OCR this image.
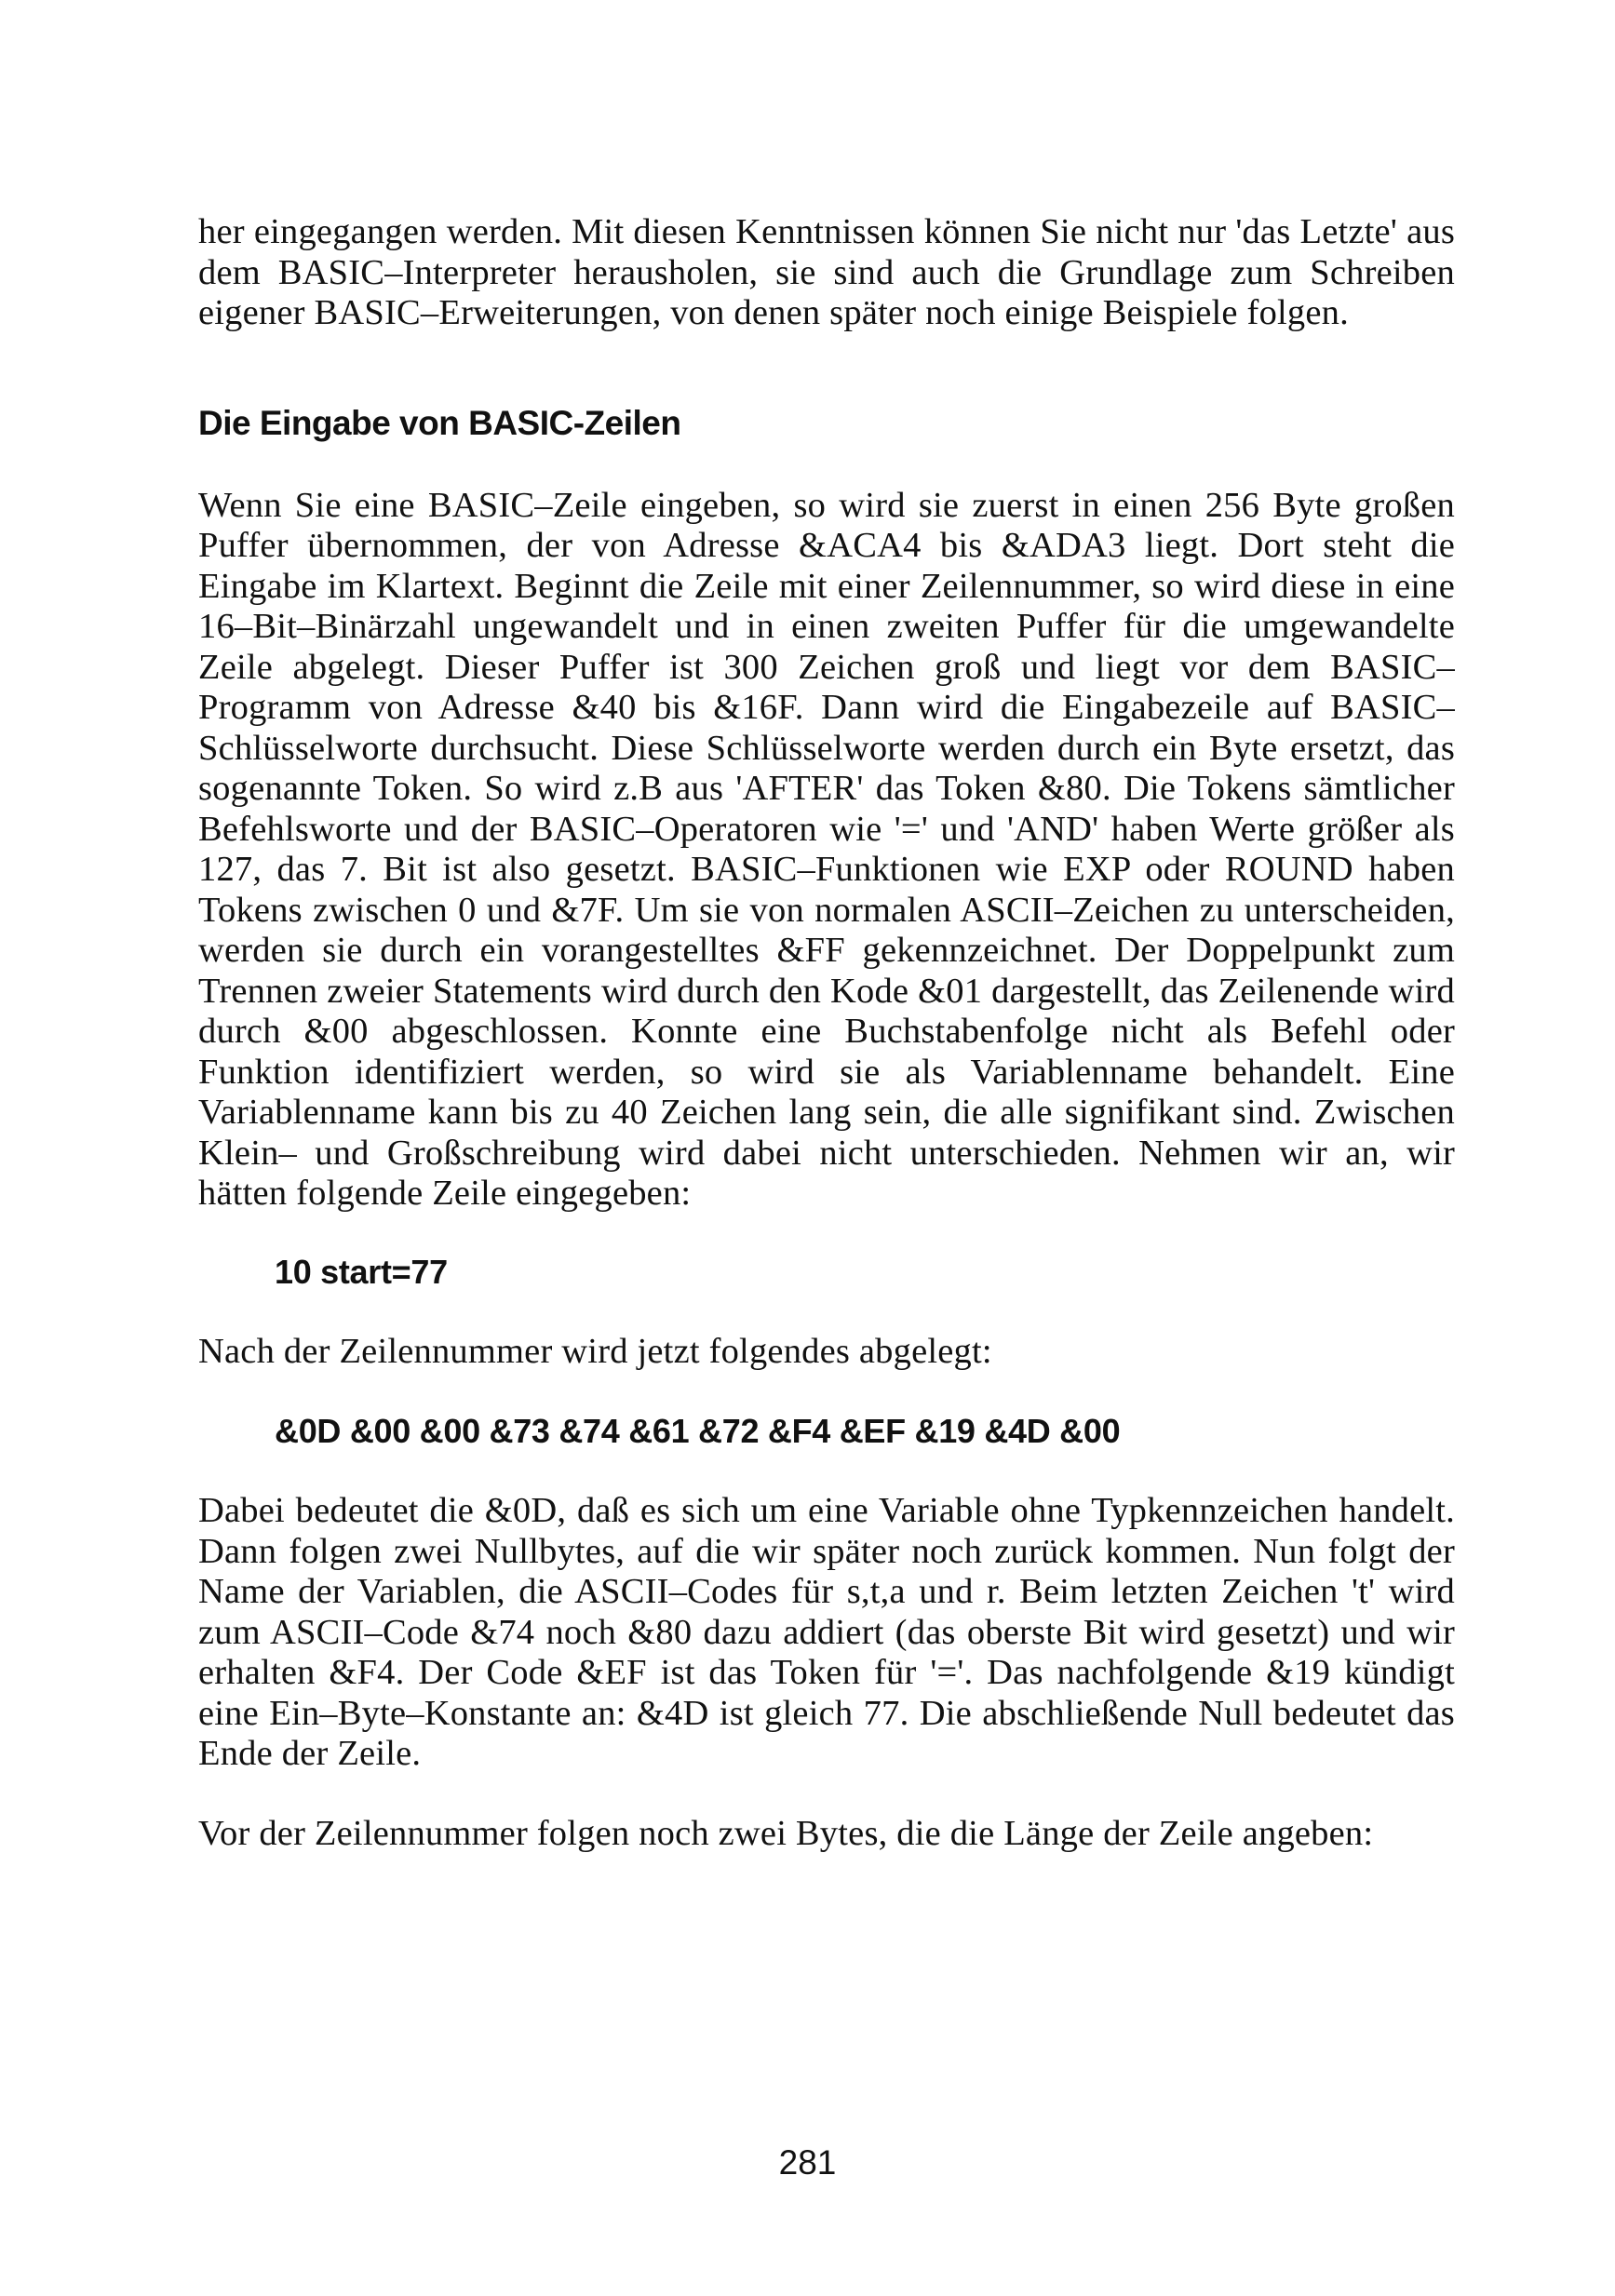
her eingegangen werden. Mit diesen Kenntnissen können Sie nicht nur 'das Letzte' aus dem BASIC–Interpreter herausholen, sie sind auch die Grundlage zum Schreiben eigener BASIC–Erweiterungen, von denen später noch einige Beispiele folgen.

Die Eingabe von BASIC-Zeilen

Wenn Sie eine BASIC–Zeile eingeben, so wird sie zuerst in einen 256 Byte großen Puffer übernommen, der von Adresse &ACA4 bis &ADA3 liegt. Dort steht die Eingabe im Klartext. Beginnt die Zeile mit einer Zeilennummer, so wird diese in eine 16–Bit–Binärzahl ungewandelt und in einen zweiten Puffer für die umgewandelte Zeile abgelegt. Dieser Puffer ist 300 Zeichen groß und liegt vor dem BASIC–Programm von Adresse &40 bis &16F. Dann wird die Eingabezeile auf BASIC–Schlüsselworte durchsucht. Diese Schlüsselworte werden durch ein Byte ersetzt, das sogenannte Token. So wird z.B aus 'AFTER' das Token &80. Die Tokens sämtlicher Befehlsworte und der BASIC–Operatoren wie '=' und 'AND' haben Werte größer als 127, das 7. Bit ist also gesetzt. BASIC–Funktionen wie EXP oder ROUND haben Tokens zwischen 0 und &7F. Um sie von normalen ASCII–Zeichen zu unterscheiden, werden sie durch ein vorangestelltes &FF gekennzeichnet. Der Doppelpunkt zum Trennen zweier Statements wird durch den Kode &01 dargestellt, das Zeilenende wird durch &00 abgeschlossen. Konnte eine Buchstabenfolge nicht als Befehl oder Funktion identifiziert werden, so wird sie als Variablenname behandelt. Eine Variablenname kann bis zu 40 Zeichen lang sein, die alle signifikant sind. Zwischen Klein– und Großschreibung wird dabei nicht unterschieden. Nehmen wir an, wir hätten folgende Zeile eingegeben:

10 start=77

Nach der Zeilennummer wird jetzt folgendes abgelegt:

&0D &00 &00 &73 &74 &61 &72 &F4 &EF &19 &4D &00

Dabei bedeutet die &0D, daß es sich um eine Variable ohne Typkennzeichen handelt. Dann folgen zwei Nullbytes, auf die wir später noch zurück kommen. Nun folgt der Name der Variablen, die ASCII–Codes für s,t,a und r. Beim letzten Zeichen 't' wird zum ASCII–Code &74 noch &80 dazu addiert (das oberste Bit wird gesetzt) und wir erhalten &F4. Der Code &EF ist das Token für '='. Das nachfolgende &19 kündigt eine Ein–Byte–Konstante an: &4D ist gleich 77. Die abschließende Null bedeutet das Ende der Zeile.

Vor der Zeilennummer folgen noch zwei Bytes, die die Länge der Zeile angeben:

281
